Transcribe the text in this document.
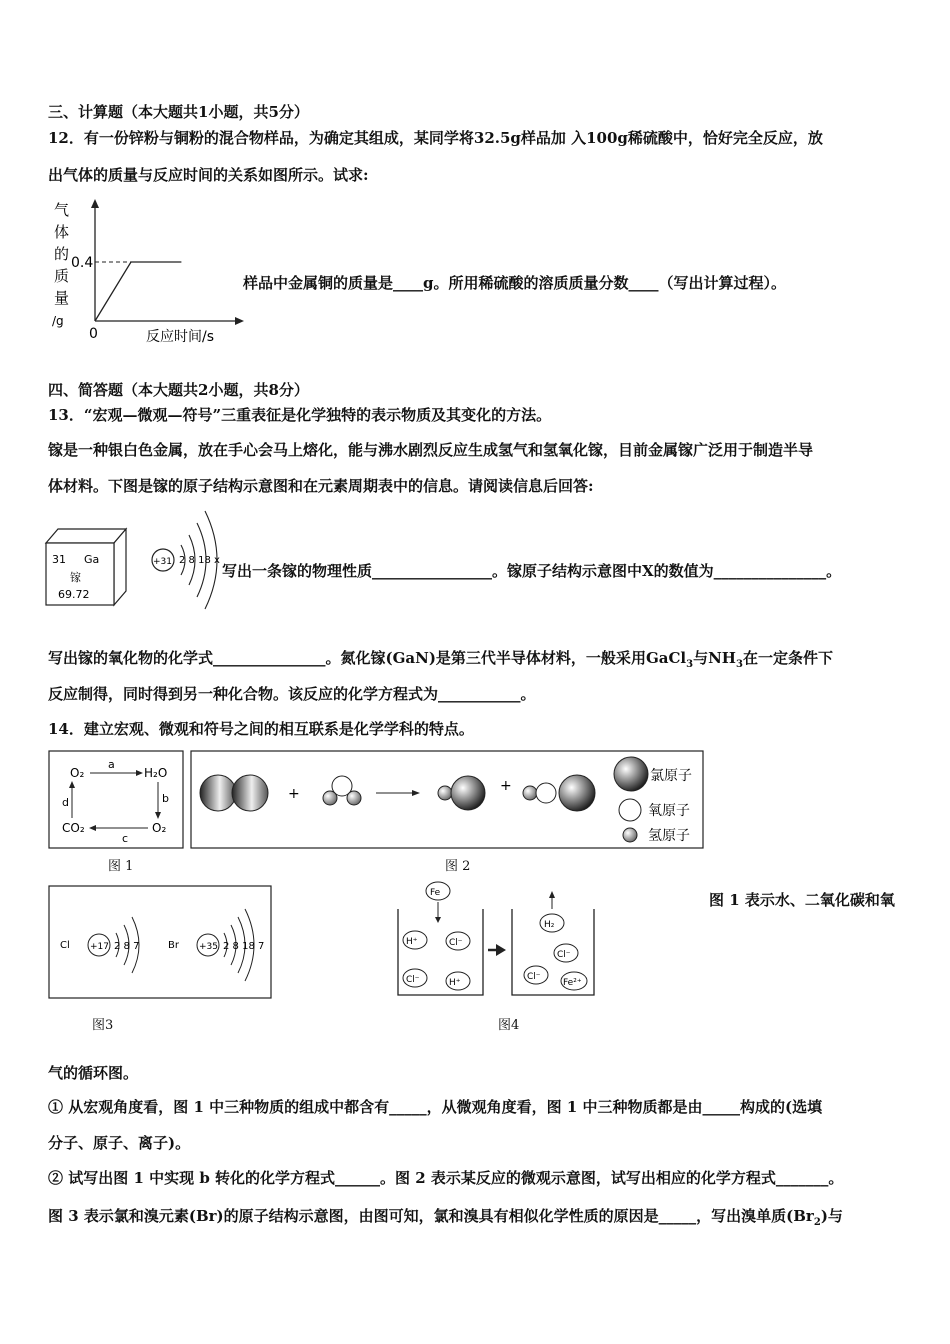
三、计算题（本大题共1小题，共5分）
12．有一份锌粉与铜粉的混合物样品，为确定其组成，某同学将32.5g样品加 入100g稀硫酸中，恰好完全反应，放
出气体的质量与反应时间的关系如图所示。试求:
气
体
的
质
量
/g
0.4
0	反应时间/s
样品中金属铜的质量是____g。所用稀硫酸的溶质质量分数____（写出计算过程）。
四、简答题（本大题共2小题，共8分）
13．“宏观—微观—符号”三重表征是化学独特的表示物质及其变化的方法。
镓是一种银白色金属，放在手心会马上熔化，能与沸水剧烈反应生成氢气和氢氧化镓，目前金属镓广泛用于制造半导
体材料。下图是镓的原子结构示意图和在元素周期表中的信息。请阅读信息后回答:
31 Ga
镓
69.72
+31 2 8 18 x
写出一条镓的物理性质________________。镓原子结构示意图中X的数值为_______________。
写出镓的氧化物的化学式_______________。氮化镓(GaN)是第三代半导体材料，一般采用GaCl$_3$与$NH_3$在一定条件下
反应制得，同时得到另一种化合物。该反应的化学方程式为___________。
14．建立宏观、微观和符号之间的相互联系是化学学科的特点。
O₂	H₂O
CO₂	O₂
a
b
c
d
图 1
+	+
氯原子
氧原子
氢原子
图 2
Cl +17 2 8 7	Br +35 2 8 18 7
图3
Fe
H⁺	Cl⁻
Cl⁻	H⁺
H₂
Cl⁻
Cl⁻
Fe²⁺
图4
图 1 表示水、二氧化碳和氧
气的循环图。
① 从宏观角度看，图 1 中三种物质的组成中都含有_____，从微观角度看，图 1 中三种物质都是由_____构成的(选填
分子、原子、离子)。
② 试写出图 1 中实现 b 转化的化学方程式______。图 2 表示某反应的微观示意图，试写出相应的化学方程式_______。
图 3 表示氯和溴元素(Br)的原子结构示意图，由图可知，氯和溴具有相似化学性质的原因是_____，写出溴单质$(Br_2)$与
